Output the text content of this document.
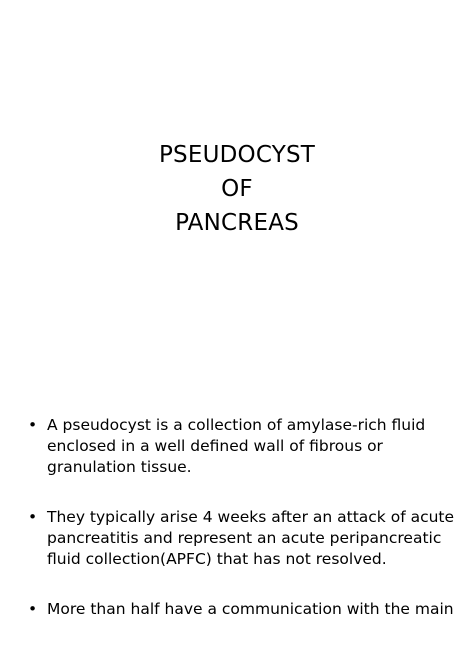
PSEUDOCYST
OF
PANCREAS
• A pseudocyst is a collection of amylase-rich fluid
enclosed in a well defined wall of fibrous or
granulation tissue.
• They typically arise 4 weeks after an attack of acute
pancreatitis and represent an acute peripancreatic
fluid collection(APFC) that has not resolved.
• More than half have a communication with the main
